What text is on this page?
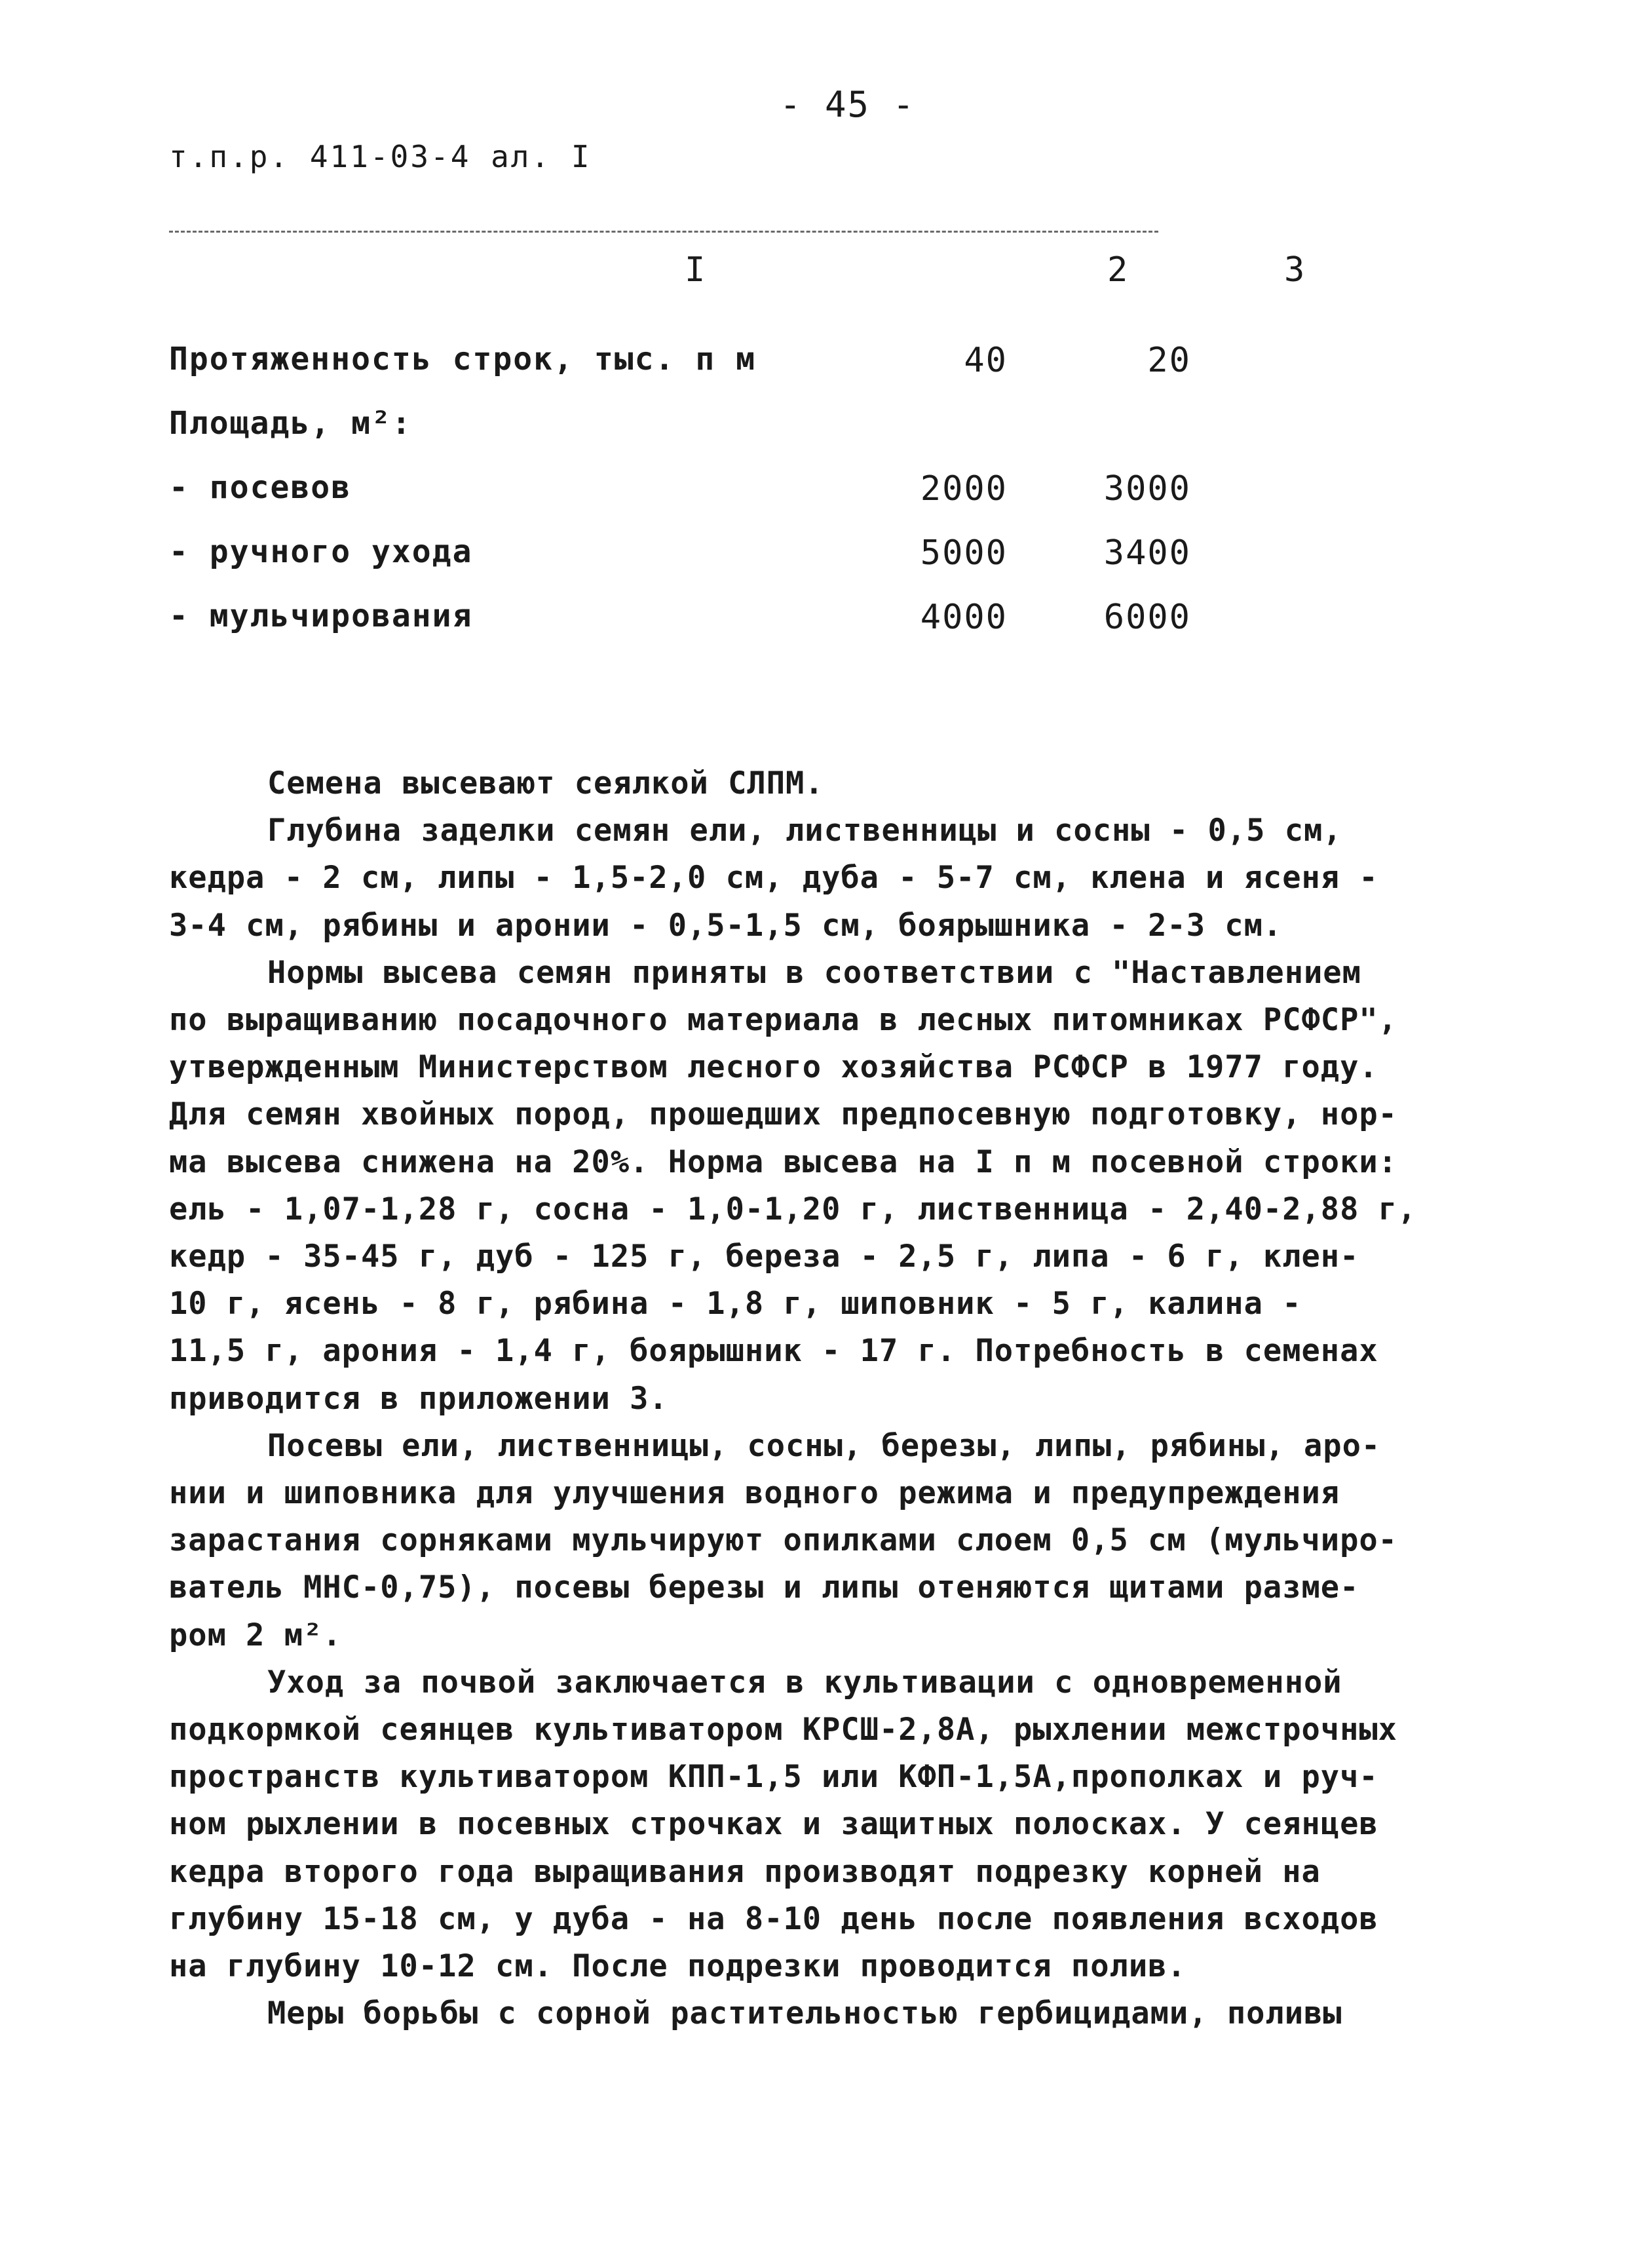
- 45 -
т.п.р. 411-03-4 ал. I
I	2	3
Протяженность строк, тыс. п м	40	20
Площадь, м²:
- посевов	2000	3000
- ручного ухода	5000	3400
- мульчирования	4000	6000

Семена высевают сеялкой СЛПМ.

Глубина заделки семян ели, лиственницы и сосны - 0,5 см,
кедра - 2 см, липы - 1,5-2,0 см, дуба - 5-7 см, клена и ясеня -
3-4 см, рябины и аронии - 0,5-1,5 см, боярышника - 2-3 см.

Нормы высева семян приняты в соответствии с "Наставлением
по выращиванию посадочного материала в лесных питомниках РСФСР",
утвержденным Министерством лесного хозяйства РСФСР в 1977 году.
Для семян хвойных пород, прошедших предпосевную подготовку, нор-
ма высева снижена на 20%. Норма высева на I п м посевной строки:
ель - 1,07-1,28 г, сосна - 1,0-1,20 г, лиственница - 2,40-2,88 г,
кедр - 35-45 г, дуб - 125 г, береза - 2,5 г, липа - 6 г, клен-
10 г, ясень - 8 г, рябина - 1,8 г, шиповник - 5 г, калина -
11,5 г, арония - 1,4 г, боярышник - 17 г. Потребность в семенах
приводится в приложении 3.

Посевы ели, лиственницы, сосны, березы, липы, рябины, аро-
нии и шиповника для улучшения водного режима и предупреждения
зарастания сорняками мульчируют опилками слоем 0,5 см (мульчиро-
ватель МНС-0,75), посевы березы и липы отеняются щитами разме-
ром 2 м².

Уход за почвой заключается в культивации с одновременной
подкормкой сеянцев культиватором КРСШ-2,8А, рыхлении межстрочных
пространств культиватором КПП-1,5 или КФП-1,5А,прополках и руч-
ном рыхлении в посевных строчках и защитных полосках. У сеянцев
кедра второго года выращивания производят подрезку корней на
глубину 15-18 см, у дуба - на 8-10 день после появления всходов
на глубину 10-12 см. После подрезки проводится полив.

Меры борьбы с сорной растительностью гербицидами, поливы
